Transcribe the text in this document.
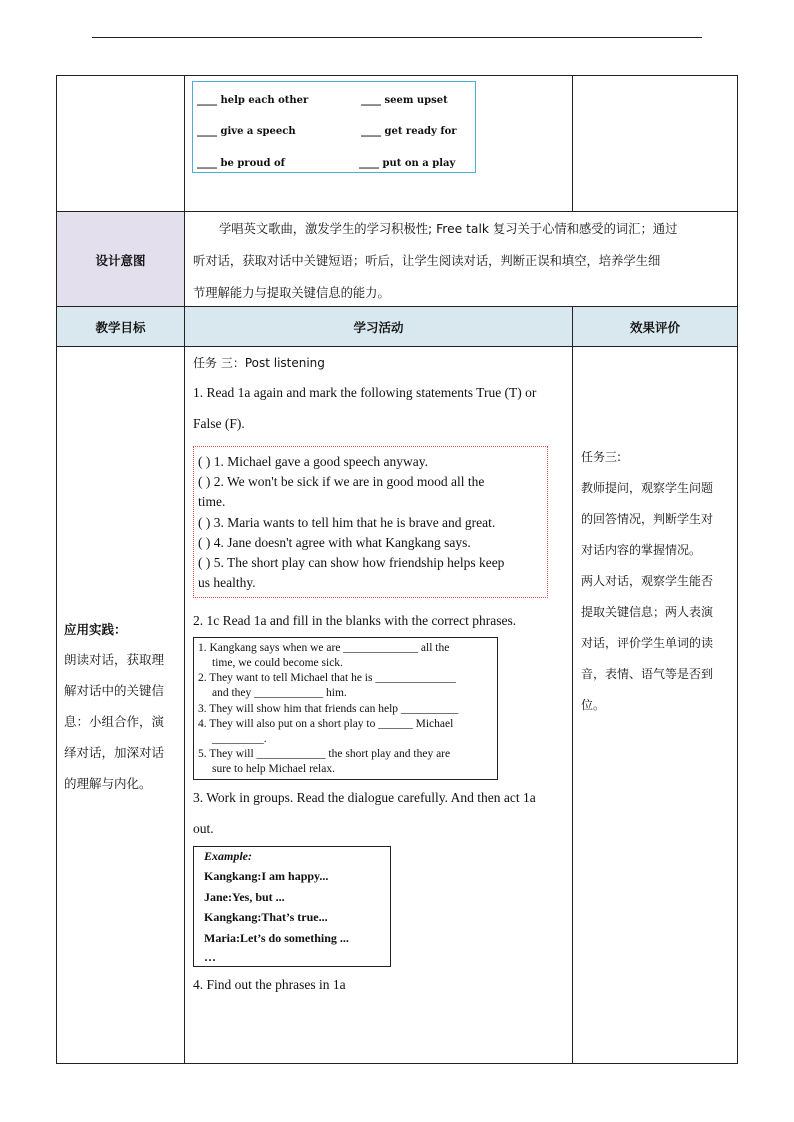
____ help each other
____ give a speech
____ be proud of
____ seem upset
____ get ready for
____ put on a play
设计意图
学唱英文歌曲，激发学生的学习积极性; Free talk 复习关于心情和感受的词汇；通过
听对话，获取对话中关键短语；听后，让学生阅读对话，判断正误和填空，培养学生细
节理解能力与提取关键信息的能力。
教学目标	学习活动	效果评价
应用实践：
朗读对话，获取理
解对话中的关键信
息：小组合作，演
绎对话，加深对话
的理解与内化。
任务 三：Post listening
1. Read 1a again and mark the following statements True (T) or
False (F).
( ) 1. Michael gave a good speech anyway.
( ) 2. We won't be sick if we are in good mood all the
time.
( ) 3. Maria wants to tell him that he is brave and great.
( ) 4. Jane doesn't agree with what Kangkang says.
( ) 5. The short play can show how friendship helps keep
us healthy.
2. 1c Read 1a and fill in the blanks with the correct phrases.
1. Kangkang says when we are _____________ all the
time, we could become sick.
2. They want to tell Michael that he is ______________
and they ____________ him.
3. They will show him that friends can help __________
4. They will also put on a short play to ______ Michael
_________.
5. They will ____________ the short play and they are
sure to help Michael relax.
3. Work in groups. Read the dialogue carefully. And then act 1a
out.
Example:
Kangkang:I am happy...
Jane:Yes, but ...
Kangkang:That’s true...
Maria:Let’s do something ...
…
4. Find out the phrases in 1a
任务三:
教师提问，观察学生问题
的回答情况，判断学生对
对话内容的掌握情况。
两人对话，观察学生能否
提取关键信息；两人表演
对话，评价学生单词的读
音，表情、语气等是否到
位。
